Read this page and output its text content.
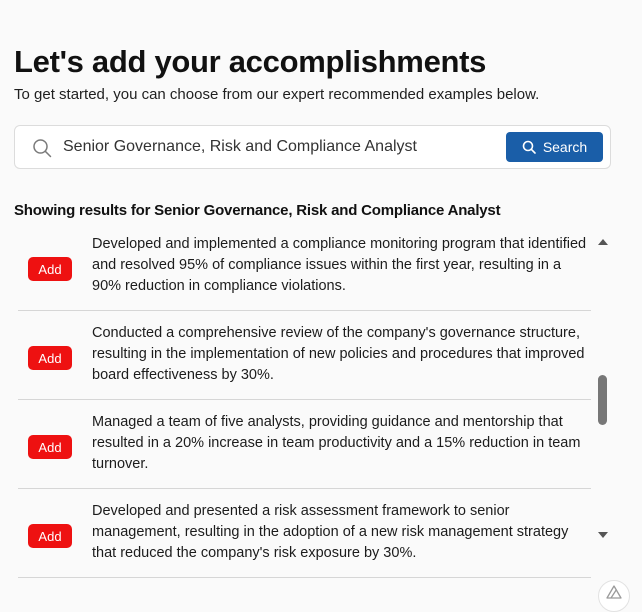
Let's add your accomplishments

To get started, you can choose from our expert recommended examples below.

Senior Governance, Risk and Compliance Analyst
Search
Showing results for Senior Governance, Risk and Compliance Analyst
Add

Developed and implemented a compliance monitoring program that identified and resolved 95% of compliance issues within the first year, resulting in a 90% reduction in compliance violations.

Add

Conducted a comprehensive review of the company's governance structure, resulting in the implementation of new policies and procedures that improved board effectiveness by 30%.

Add

Managed a team of five analysts, providing guidance and mentorship that resulted in a 20% increase in team productivity and a 15% reduction in team turnover.

Add

Developed and presented a risk assessment framework to senior management, resulting in the adoption of a new risk management strategy that reduced the company's risk exposure by 30%.
